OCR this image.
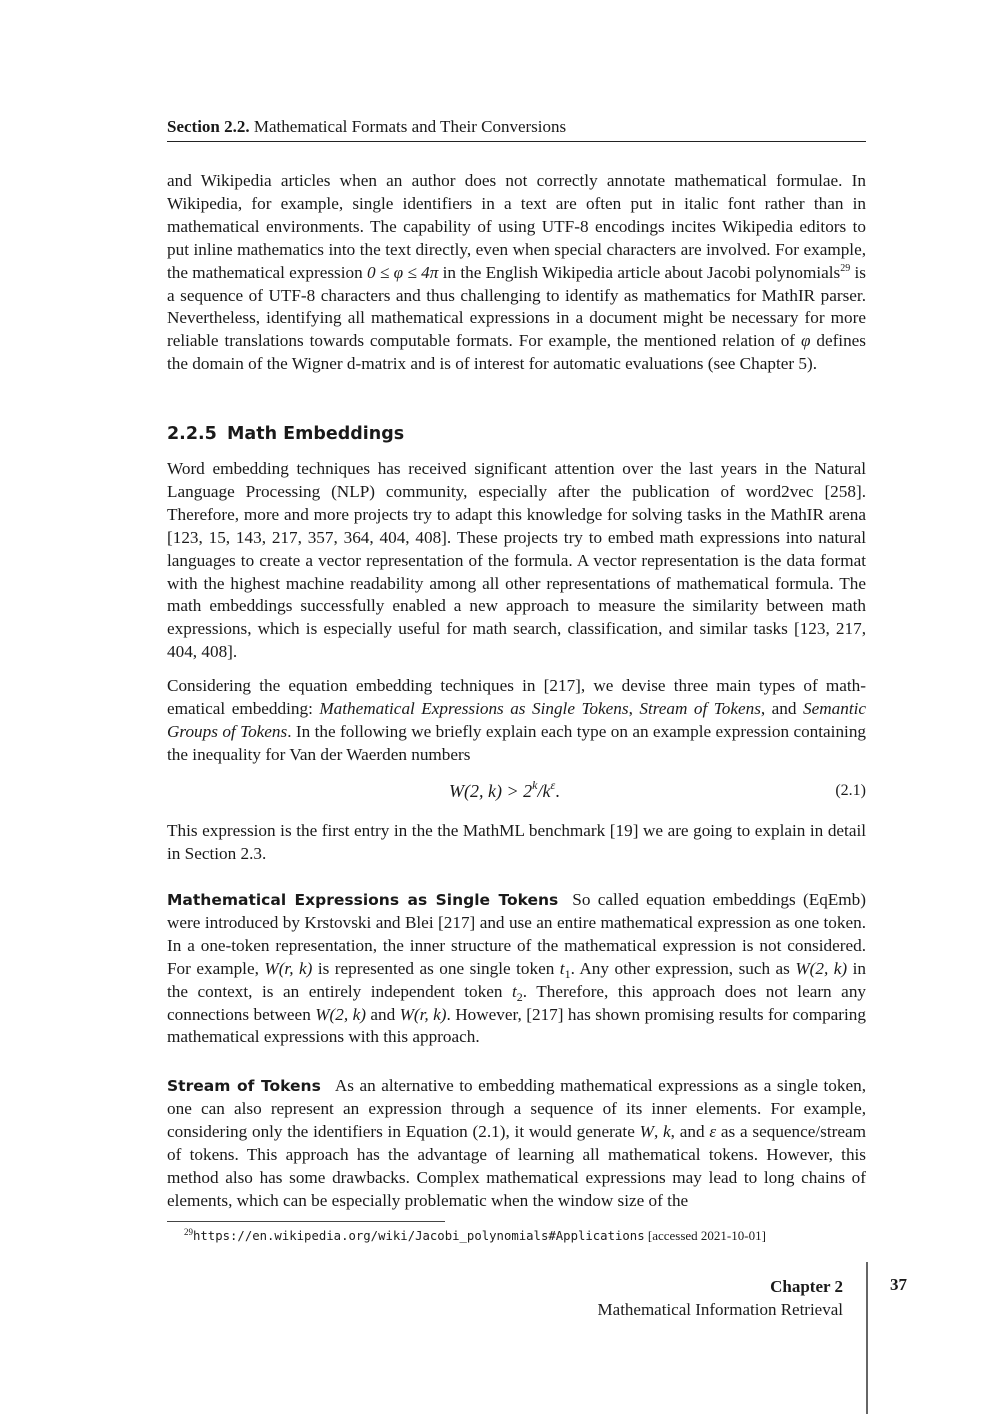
Section 2.2. Mathematical Formats and Their Conversions
and Wikipedia articles when an author does not correctly annotate mathematical formulae. In Wikipedia, for example, single identifiers in a text are often put in italic font rather than in mathematical environments. The capability of using UTF-8 encodings incites Wikipedia editors to put inline mathematics into the text directly, even when special characters are involved. For example, the mathematical expression 0 ≤ φ ≤ 4π in the English Wikipedia article about Jacobi polynomials$^{29}$ is a sequence of UTF-8 characters and thus challenging to identify as mathematics for MathIR parser. Nevertheless, identifying all mathematical expressions in a document might be necessary for more reliable translations towards computable formats. For example, the mentioned relation of φ defines the domain of the Wigner d-matrix and is of interest for automatic evaluations (see Chapter 5).
2.2.5 Math Embeddings
Word embedding techniques has received significant attention over the last years in the Natural Language Processing (NLP) community, especially after the publication of word2vec [258]. Therefore, more and more projects try to adapt this knowledge for solving tasks in the MathIR arena [123, 15, 143, 217, 357, 364, 404, 408]. These projects try to embed math expressions into natural languages to create a vector representation of the formula. A vector representation is the data format with the highest machine readability among all other representations of mathematical formula. The math embeddings successfully enabled a new approach to measure the similarity between math expressions, which is especially useful for math search, classification, and similar tasks [123, 217, 404, 408].
Considering the equation embedding techniques in [217], we devise three main types of mathematical embedding: Mathematical Expressions as Single Tokens, Stream of Tokens, and Semantic Groups of Tokens. In the following we briefly explain each type on an example expression containing the inequality for Van der Waerden numbers
W(2, $k) > 2^k/k^\varepsilon$.	(2.1)
This expression is the first entry in the the MathML benchmark [19] we are going to explain in detail in Section 2.3.
Mathematical Expressions as Single Tokens So called equation embeddings (EqEmb) were introduced by Krstovski and Blei [217] and use an entire mathematical expression as one token. In a one-token representation, the inner structure of the mathematical expression is not considered. For example, W(r, k) is represented as one single token $t_1$. Any other expression, such as W(2, k) in the context, is an entirely independent token $t_2$. Therefore, this approach does not learn any connections between W(2, k) and W(r, k). However, [217] has shown promising results for comparing mathematical expressions with this approach.
Stream of Tokens As an alternative to embedding mathematical expressions as a single token, one can also represent an expression through a sequence of its inner elements. For example, considering only the identifiers in Equation (2.1), it would generate W, k, and ε as a sequence/stream of tokens. This approach has the advantage of learning all mathematical tokens. However, this method also has some drawbacks. Complex mathematical expressions may lead to long chains of elements, which can be especially problematic when the window size of the
$^{29}$https://en.wikipedia.org/wiki/Jacobi_polynomials#Applications [accessed 2021-10-01]
Chapter 2
Mathematical Information Retrieval
37
